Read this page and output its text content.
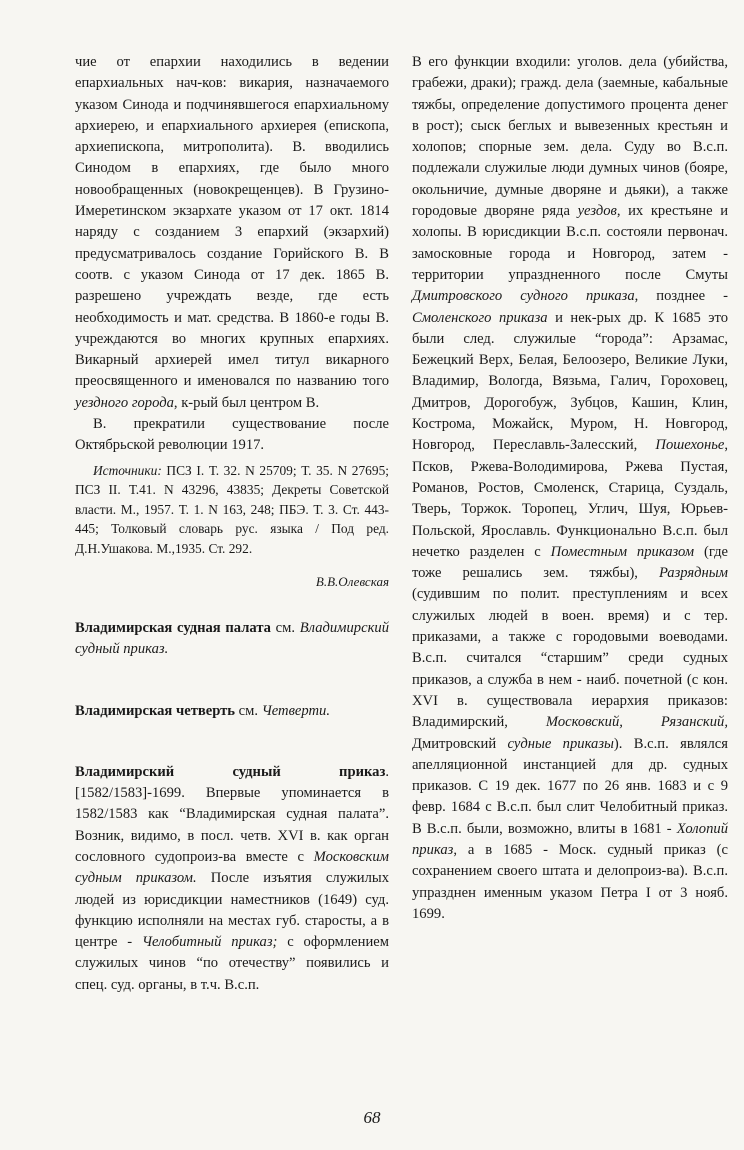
чие от епархии находились в ведении епархиальных нач-ков: викария, назначаемого указом Синода и подчинявшегося епархиальному архиерею, и епархиального архиерея (епископа, архиепископа, митрополита). В. вводились Синодом в епархиях, где было много новообращенных (новокрещенцев). В Грузино-Имеретинском экзархате указом от 17 окт. 1814 наряду с созданием 3 епархий (экзархий) предусматривалось создание Горийского В. В соотв. с указом Синода от 17 дек. 1865 В. разрешено учреждать везде, где есть необходимость и мат. средства. В 1860-е годы В. учреждаются во многих крупных епархиях. Викарный архиерей имел титул викарного преосвященного и именовался по названию того уездного города, к-рый был центром В.

В. прекратили существование после Октябрьской революции 1917.

Источники: ПСЗ I. Т. 32. N 25709; Т. 35. N 27695; ПСЗ II. Т.41. N 43296, 43835; Декреты Советской власти. М., 1957. Т. 1. N 163, 248; ПБЭ. Т. 3. Ст. 443-445; Толковый словарь рус. языка / Под ред. Д.Н.Ушакова. М.,1935. Ст. 292.

В.В.Олевская

Владимирская судная палата см. Владимирский судный приказ.

Владимирская четверть см. Четверти.

Владимирский судный приказ. [1582/1583]-1699. Впервые упоминается в 1582/1583 как “Владимирская судная палата”. Возник, видимо, в посл. четв. XVI в. как орган сословного судопроиз-ва вместе с Московским судным приказом. После изъятия служилых людей из юрисдикции наместников (1649) суд. функцию исполняли на местах губ. старосты, а в центре - Челобитный приказ; с оформлением служилых чинов “по отечеству” появились и спец. суд. органы, в т.ч. В.с.п.

В его функции входили: уголов. дела (убийства, грабежи, драки); гражд. дела (заемные, кабальные тяжбы, определение допустимого процента денег в рост); сыск беглых и вывезенных крестьян и холопов; спорные зем. дела. Суду во В.с.п. подлежали служилые люди думных чинов (бояре, окольничие, думные дворяне и дьяки), а также городовые дворяне ряда уездов, их крестьяне и холопы. В юрисдикции В.с.п. состояли первонач. замосковные города и Новгород, затем - территории упраздненного после Смуты Дмитровского судного приказа, позднее - Смоленского приказа и нек-рых др. К 1685 это были след. служилые “города”: Арзамас, Бежецкий Верх, Белая, Белоозеро, Великие Луки, Владимир, Вологда, Вязьма, Галич, Гороховец, Дмитров, Дорогобуж, Зубцов, Кашин, Клин, Кострома, Можайск, Муром, Н. Новгород, Новгород, Переславль-Залесский, Пошехонье, Псков, Ржева-Володимирова, Ржева Пустая, Романов, Ростов, Смоленск, Старица, Суздаль, Тверь, Торжок. Торопец, Углич, Шуя, Юрьев-Польской, Ярославль. Функционально В.с.п. был нечетко разделен с Поместным приказом (где тоже решались зем. тяжбы), Разрядным (судившим по полит. преступлениям и всех служилых людей в воен. время) и с тер. приказами, а также с городовыми воеводами. В.с.п. считался “старшим” среди судных приказов, а служба в нем - наиб. почетной (с кон. XVI в. существовала иерархия приказов: Владимирский, Московский, Рязанский, Дмитровский судные приказы). В.с.п. являлся апелляционной инстанцией для др. судных приказов. С 19 дек. 1677 по 26 янв. 1683 и с 9 февр. 1684 с В.с.п. был слит Челобитный приказ. В В.с.п. были, возможно, влиты в 1681 - Холопий приказ, а в 1685 - Моск. судный приказ (с сохранением своего штата и делопроиз-ва). В.с.п. упразднен именным указом Петра I от 3 нояб. 1699.

68
